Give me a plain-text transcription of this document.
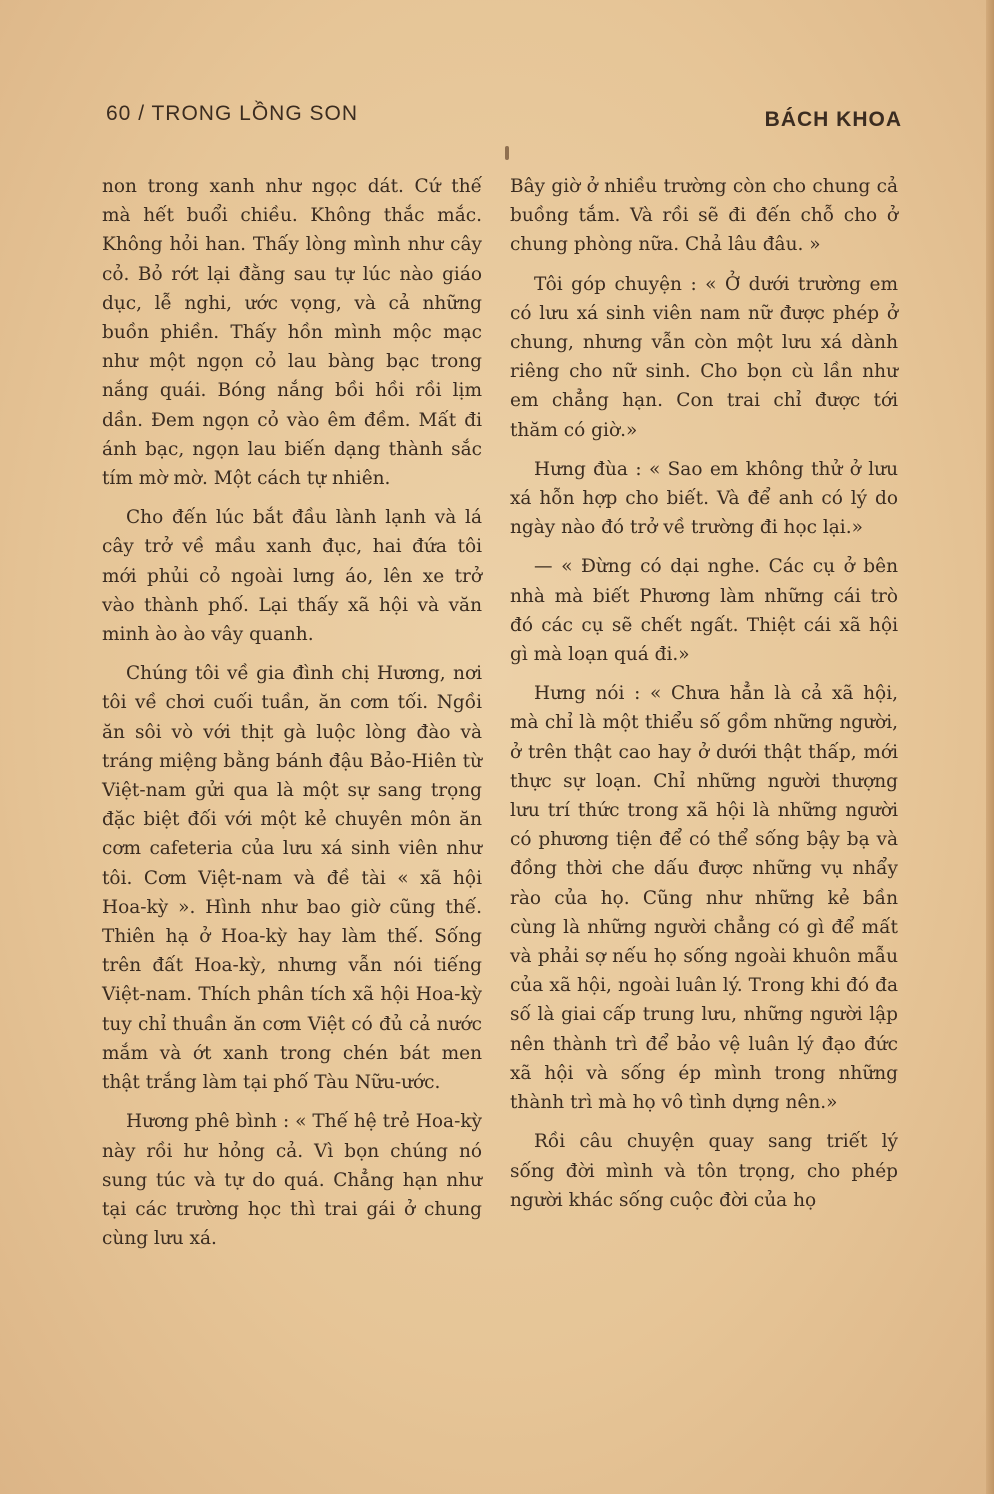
60 / TRONG LỒNG SON	BÁCH KHOA

non trong xanh như ngọc dát. Cứ thế mà hết buổi chiều. Không thắc mắc. Không hỏi han. Thấy lòng mình như cây cỏ. Bỏ rớt lại đằng sau tự lúc nào giáo dục, lễ nghi, ước vọng, và cả những buồn phiền. Thấy hồn mình mộc mạc như một ngọn cỏ lau bàng bạc trong nắng quái. Bóng nắng bồi hồi rồi lịm dần. Đem ngọn cỏ vào êm đềm. Mất đi ánh bạc, ngọn lau biến dạng thành sắc tím mờ mờ. Một cách tự nhiên.

Cho đến lúc bắt đầu lành lạnh và lá cây trở về mầu xanh đục, hai đứa tôi mới phủi cỏ ngoài lưng áo, lên xe trở vào thành phố. Lại thấy xã hội và văn minh ào ào vây quanh.

Chúng tôi về gia đình chị Hương, nơi tôi về chơi cuối tuần, ăn cơm tối. Ngồi ăn sôi vò với thịt gà luộc lòng đào và tráng miệng bằng bánh đậu Bảo-Hiên từ Việt-nam gửi qua là một sự sang trọng đặc biệt đối với một kẻ chuyên môn ăn cơm cafeteria của lưu xá sinh viên như tôi. Cơm Việt-nam và đề tài « xã hội Hoa-kỳ ». Hình như bao giờ cũng thế. Thiên hạ ở Hoa-kỳ hay làm thế. Sống trên đất Hoa-kỳ, nhưng vẫn nói tiếng Việt-nam. Thích phân tích xã hội Hoa-kỳ tuy chỉ thuần ăn cơm Việt có đủ cả nước mắm và ớt xanh trong chén bát men thật trắng làm tại phố Tàu Nữu-ước.

Hương phê bình : « Thế hệ trẻ Hoa-kỳ này rồi hư hỏng cả. Vì bọn chúng nó sung túc và tự do quá. Chẳng hạn như tại các trường học thì trai gái ở chung cùng lưu xá.

Bây giờ ở nhiều trường còn cho chung cả buồng tắm. Và rồi sẽ đi đến chỗ cho ở chung phòng nữa. Chả lâu đâu. »

Tôi góp chuyện : « Ở dưới trường em có lưu xá sinh viên nam nữ được phép ở chung, nhưng vẫn còn một lưu xá dành riêng cho nữ sinh. Cho bọn cù lần như em chẳng hạn. Con trai chỉ được tới thăm có giờ.»

Hưng đùa : « Sao em không thử ở lưu xá hỗn hợp cho biết. Và để anh có lý do ngày nào đó trở về trường đi học lại.»

— « Đừng có dại nghe. Các cụ ở bên nhà mà biết Phương làm những cái trò đó các cụ sẽ chết ngất. Thiệt cái xã hội gì mà loạn quá đi.»

Hưng nói : « Chưa hẳn là cả xã hội, mà chỉ là một thiểu số gồm những người, ở trên thật cao hay ở dưới thật thấp, mới thực sự loạn. Chỉ những người thượng lưu trí thức trong xã hội là những người có phương tiện để có thể sống bậy bạ và đồng thời che dấu được những vụ nhẩy rào của họ. Cũng như những kẻ bần cùng là những người chẳng có gì để mất và phải sợ nếu họ sống ngoài khuôn mẫu của xã hội, ngoài luân lý. Trong khi đó đa số là giai cấp trung lưu, những người lập nên thành trì để bảo vệ luân lý đạo đức xã hội và sống ép mình trong những thành trì mà họ vô tình dựng nên.»

Rồi câu chuyện quay sang triết lý sống đời mình và tôn trọng, cho phép người khác sống cuộc đời của họ
